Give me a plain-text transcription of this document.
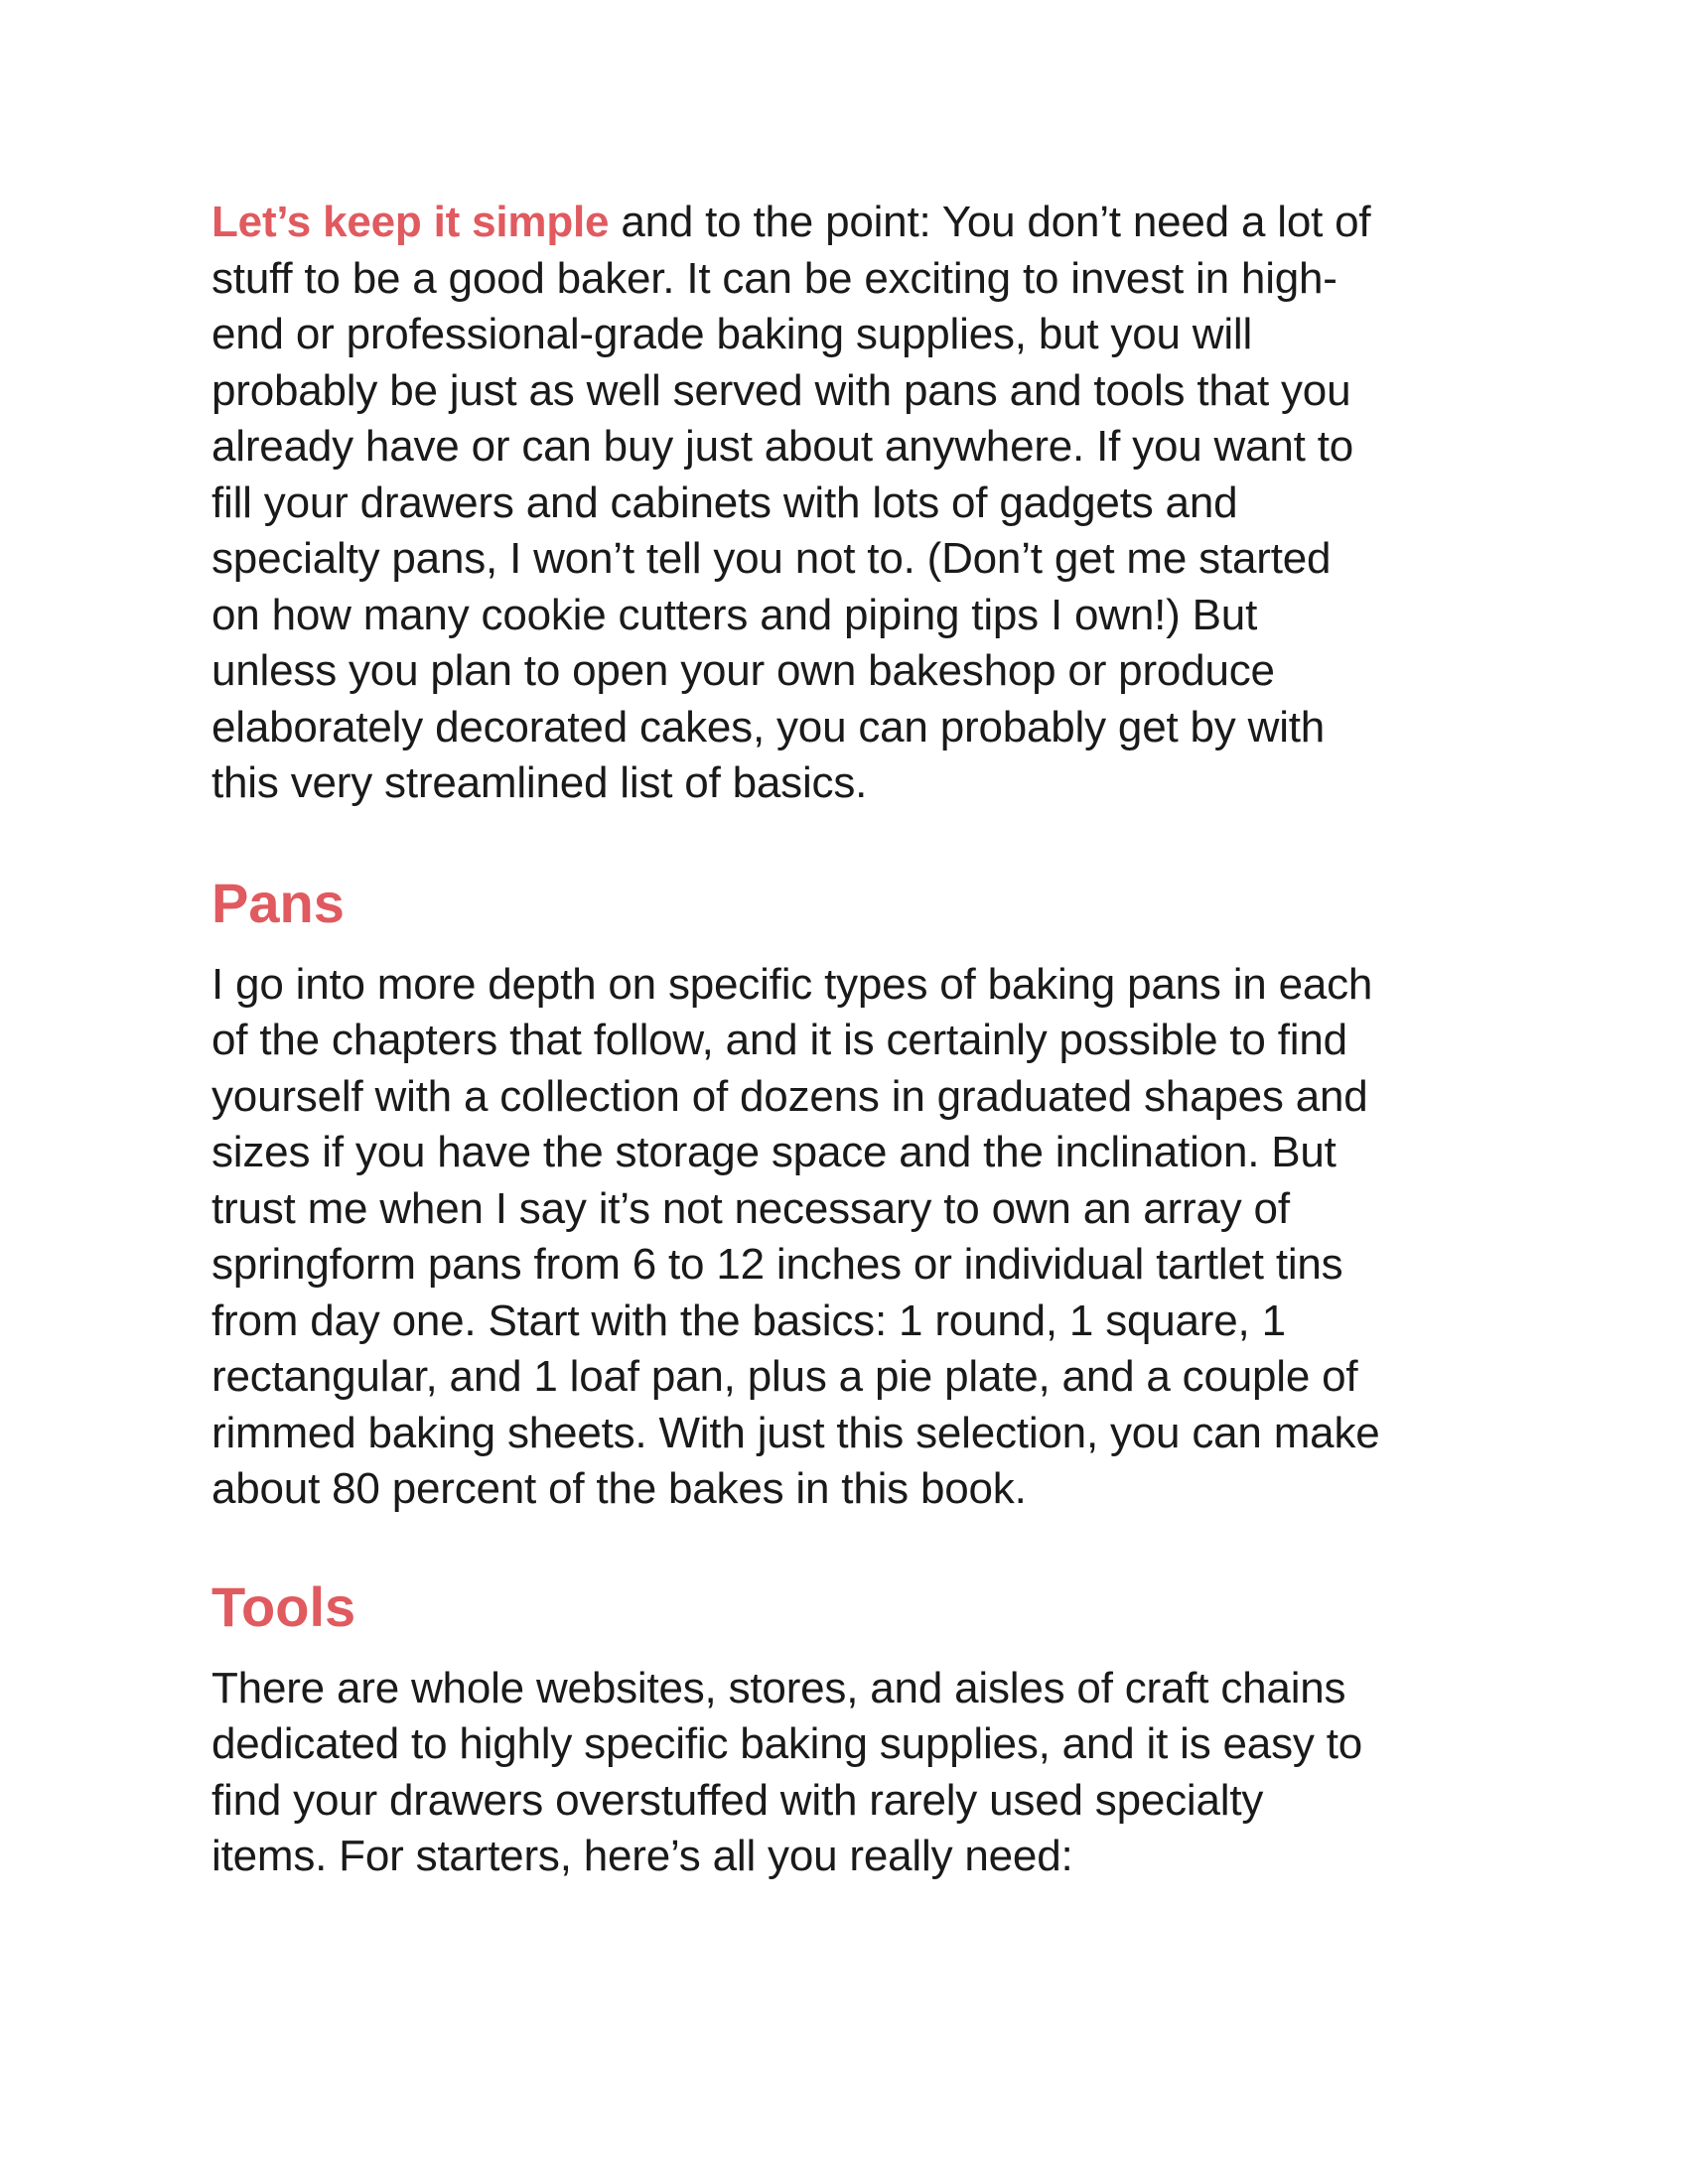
Let’s keep it simple and to the point: You don’t need a lot of
stuff to be a good baker. It can be exciting to invest in high-
end or professional-grade baking supplies, but you will
probably be just as well served with pans and tools that you
already have or can buy just about anywhere. If you want to
fill your drawers and cabinets with lots of gadgets and
specialty pans, I won’t tell you not to. (Don’t get me started
on how many cookie cutters and piping tips I own!) But
unless you plan to open your own bakeshop or produce
elaborately decorated cakes, you can probably get by with
this very streamlined list of basics.

Pans

I go into more depth on specific types of baking pans in each
of the chapters that follow, and it is certainly possible to find
yourself with a collection of dozens in graduated shapes and
sizes if you have the storage space and the inclination. But
trust me when I say it’s not necessary to own an array of
springform pans from 6 to 12 inches or individual tartlet tins
from day one. Start with the basics: 1 round, 1 square, 1
rectangular, and 1 loaf pan, plus a pie plate, and a couple of
rimmed baking sheets. With just this selection, you can make
about 80 percent of the bakes in this book.

Tools

There are whole websites, stores, and aisles of craft chains
dedicated to highly specific baking supplies, and it is easy to
find your drawers overstuffed with rarely used specialty
items. For starters, here’s all you really need:
